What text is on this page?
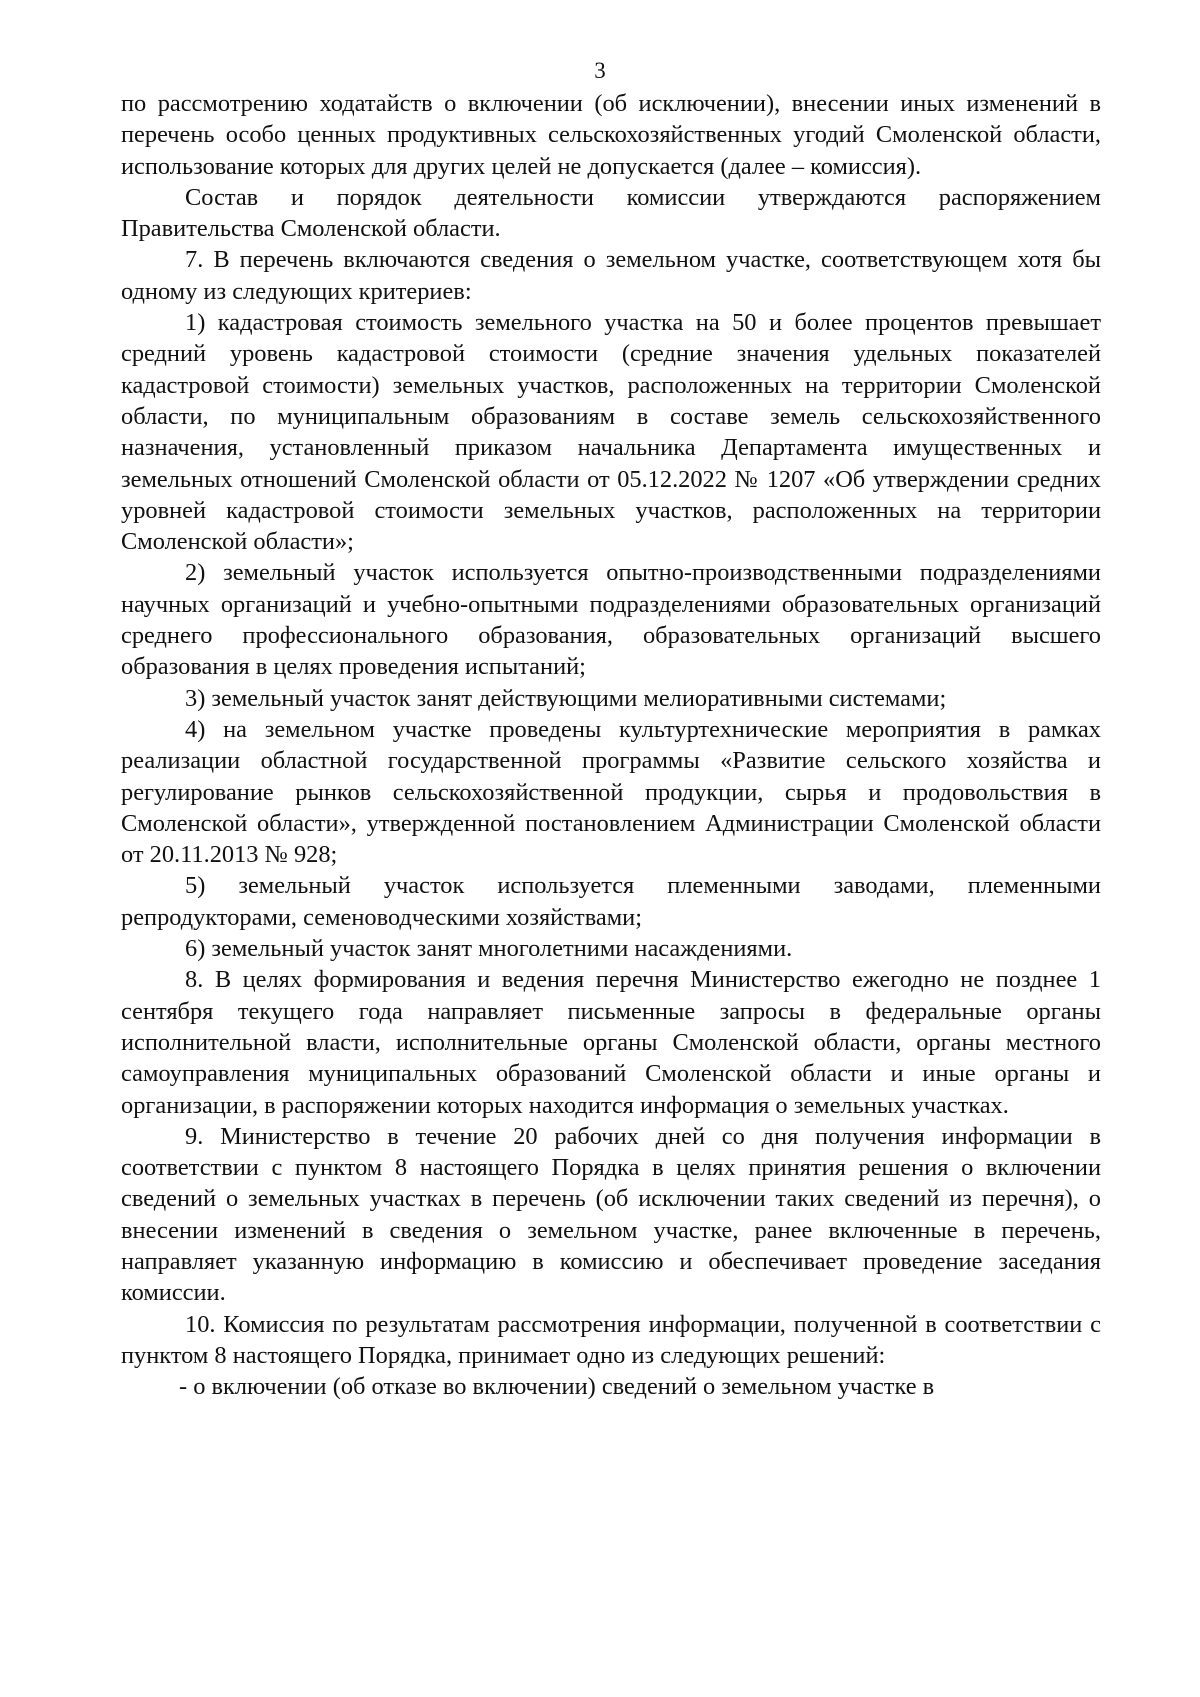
3

по рассмотрению ходатайств о включении (об исключении), внесении иных изменений в перечень особо ценных продуктивных сельскохозяйственных угодий Смоленской области, использование которых для других целей не допускается (далее – комиссия).

Состав и порядок деятельности комиссии утверждаются распоряжением Правительства Смоленской области.

7. В перечень включаются сведения о земельном участке, соответствующем хотя бы одному из следующих критериев:

1) кадастровая стоимость земельного участка на 50 и более процентов превышает средний уровень кадастровой стоимости (средние значения удельных показателей кадастровой стоимости) земельных участков, расположенных на территории Смоленской области, по муниципальным образованиям в составе земель сельскохозяйственного назначения, установленный приказом начальника Департамента имущественных и земельных отношений Смоленской области от 05.12.2022 № 1207 «Об утверждении средних уровней кадастровой стоимости земельных участков, расположенных на территории Смоленской области»;

2) земельный участок используется опытно-производственными подразделениями научных организаций и учебно-опытными подразделениями образовательных организаций среднего профессионального образования, образовательных организаций высшего образования в целях проведения испытаний;

3) земельный участок занят действующими мелиоративными системами;

4) на земельном участке проведены культуртехнические мероприятия в рамках реализации областной государственной программы «Развитие сельского хозяйства и регулирование рынков сельскохозяйственной продукции, сырья и продовольствия в Смоленской области», утвержденной постановлением Администрации Смоленской области от 20.11.2013 № 928;

5) земельный участок используется племенными заводами, племенными репродукторами, семеноводческими хозяйствами;

6) земельный участок занят многолетними насаждениями.

8. В целях формирования и ведения перечня Министерство ежегодно не позднее 1 сентября текущего года направляет письменные запросы в федеральные органы исполнительной власти, исполнительные органы Смоленской области, органы местного самоуправления муниципальных образований Смоленской области и иные органы и организации, в распоряжении которых находится информация о земельных участках.

9. Министерство в течение 20 рабочих дней со дня получения информации в соответствии с пунктом 8 настоящего Порядка в целях принятия решения о включении сведений о земельных участках в перечень (об исключении таких сведений из перечня), о внесении изменений в сведения о земельном участке, ранее включенные в перечень, направляет указанную информацию в комиссию и обеспечивает проведение заседания комиссии.

10. Комиссия по результатам рассмотрения информации, полученной в соответствии с пунктом 8 настоящего Порядка, принимает одно из следующих решений:

- о включении (об отказе во включении) сведений о земельном участке в
